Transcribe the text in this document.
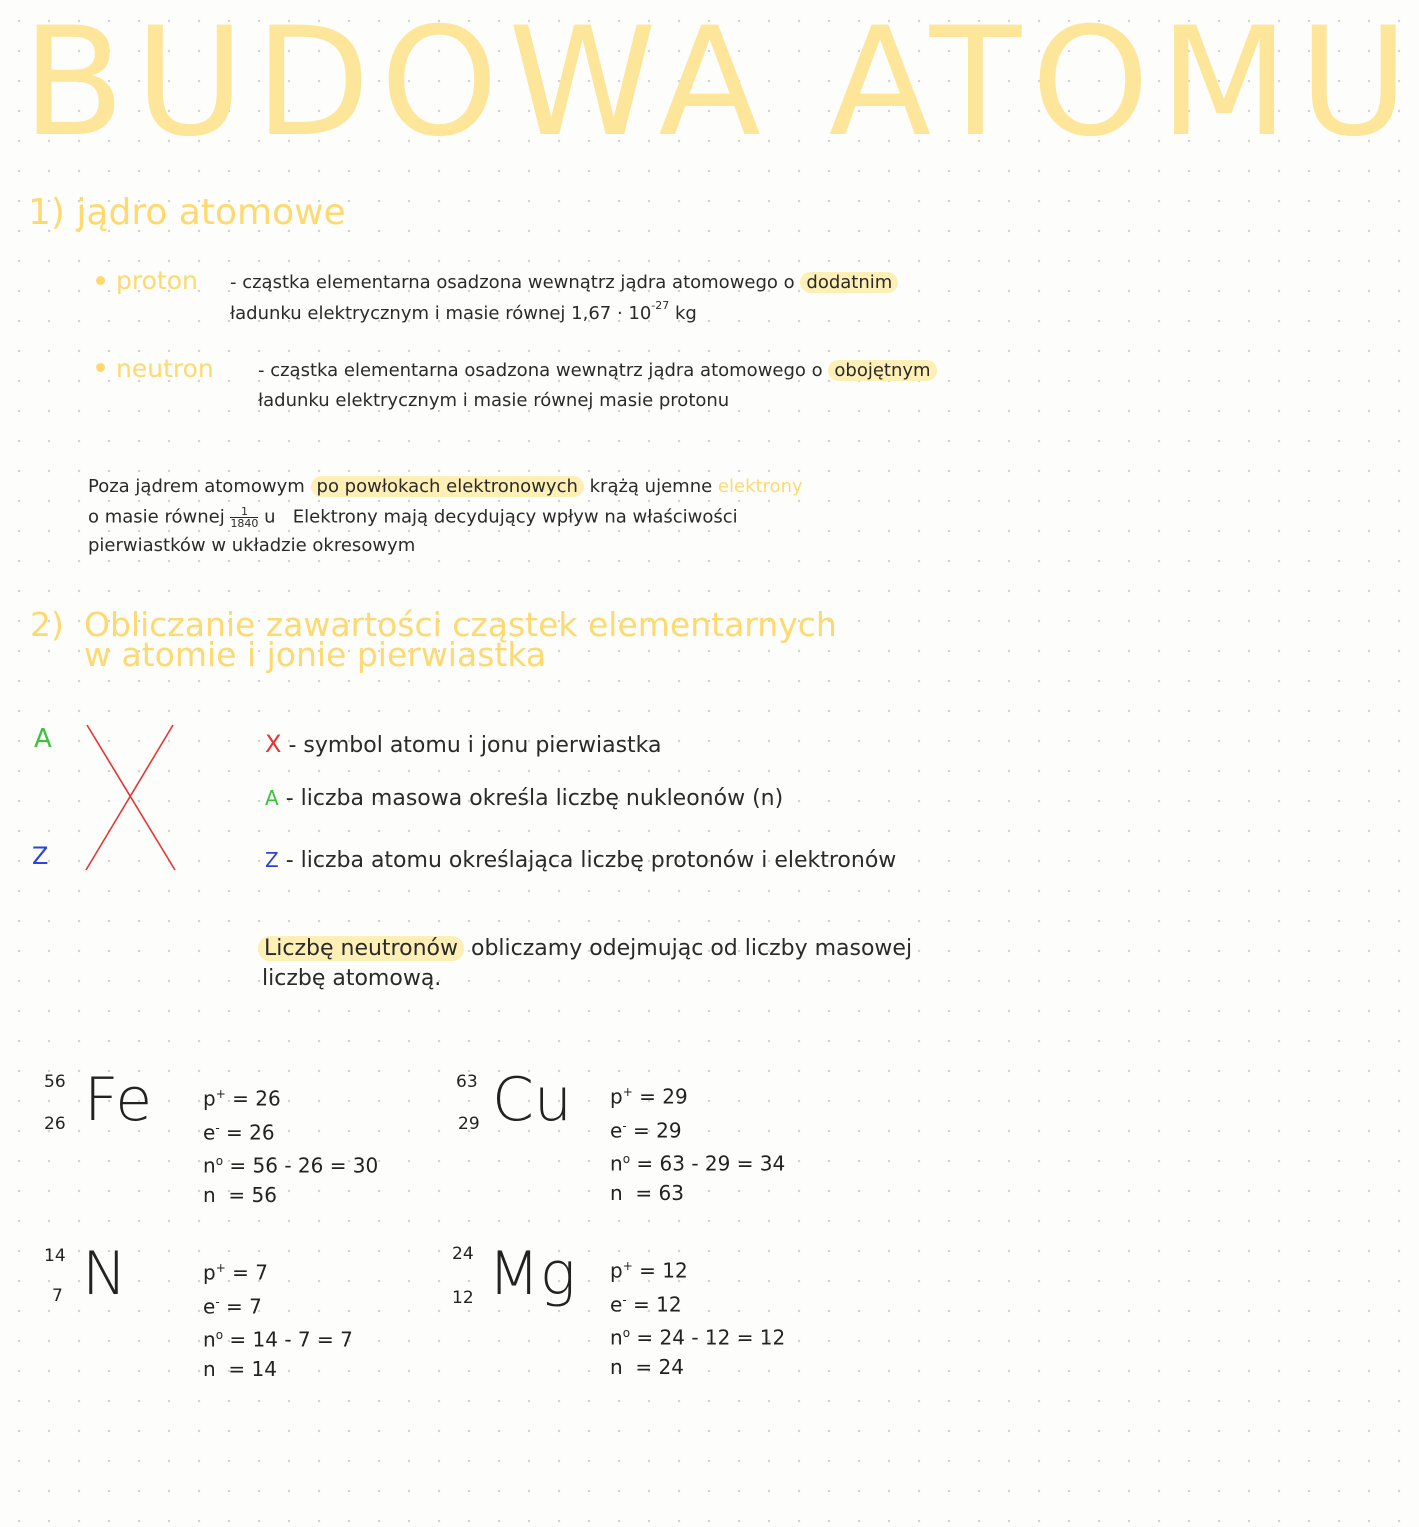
BUDOWA ATOMU
1) jądro atomowe
proton - cząstka elementarna osadzona wewnątrz jądra atomowego o dodatnim
ładunku elektrycznym i masie równej $1,67 \cdot 10^{-27}$ kg
neutron - cząstka elementarna osadzona wewnątrz jądra atomowego o obojętnym
ładunku elektrycznym i masie równej masie protonu
Poza jądrem atomowym po powłokach elektronowych krążą ujemne elektrony
o masie równej $\frac{1}{1840}$ u Elektrony mają decydujący wpływ na właściwości
pierwiastków w układzie okresowym
2) Obliczanie zawartości cząstek elementarnych
w atomie i jonie pierwiastka
A
Z
X - symbol atomu i jonu pierwiastka
A - liczba masowa określa liczbę nukleonów (n)
Z - liczba atomu określająca liczbę protonów i elektronów
Liczbę neutronów obliczamy odejmując od liczby masowej
liczbę atomową.
56
26 Fe	p+ = 26
e- = 26
$n^o = 56 - 26 = 30$
n  = 56
63
29 Cu p+ = 29
e- = 29
$n^o = 63 - 29 = 34$
n  = 63
14
7 N	p+ = 7
e- = 7
$n^o = 14 - 7 = 7$
n  = 14
24
12 Mg p+ = 12
e- = 12
$n^o = 24 - 12 = 12$
n  = 24
